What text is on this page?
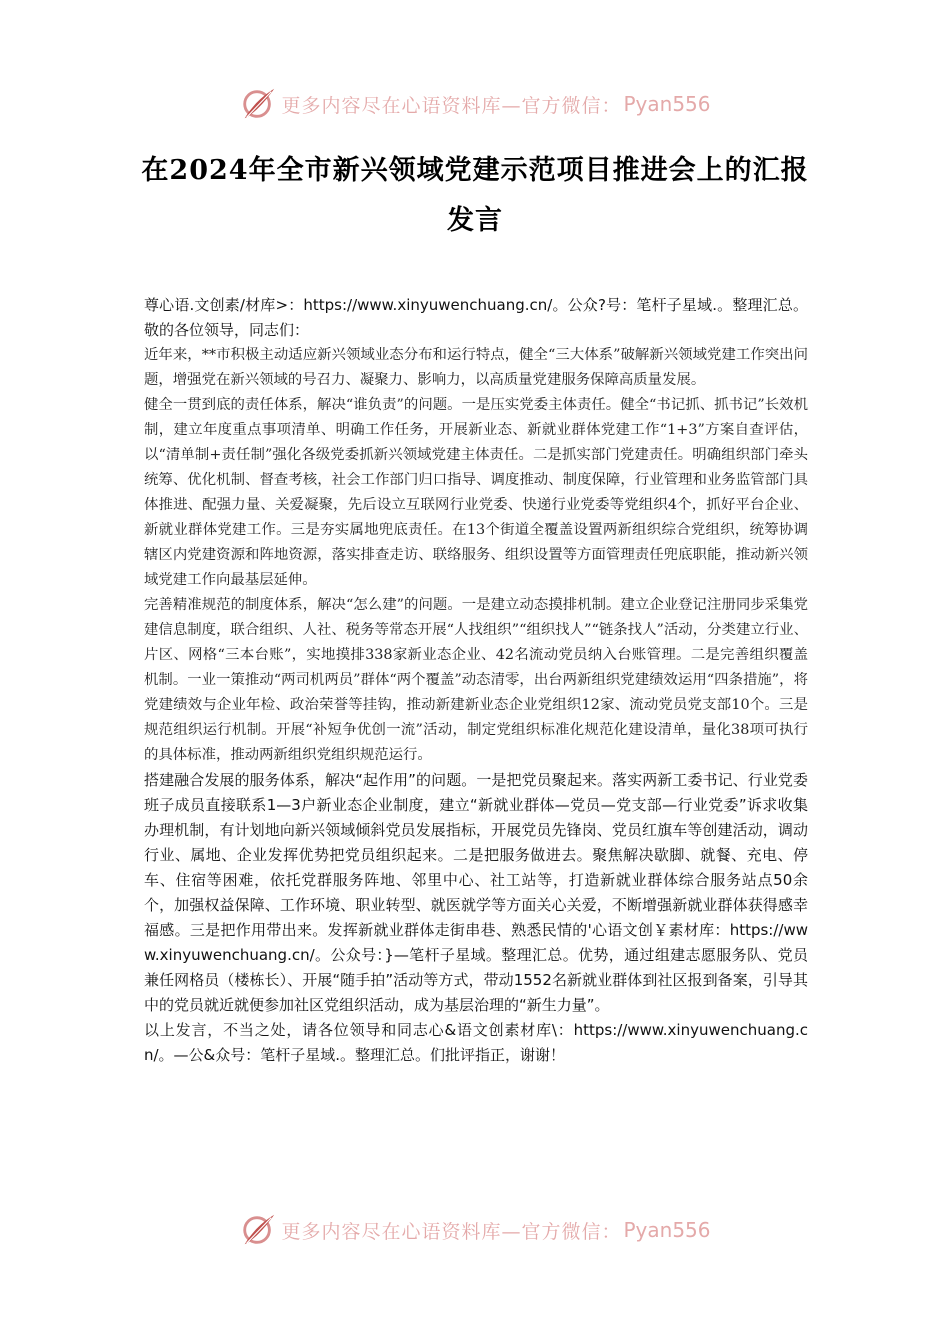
更多内容尽在心语资料库—官方微信： Pyan556
在2024年全市新兴领域党建示范项目推进会上的汇报发言

尊心语.文创素/材库>：https://www.xinyuwenchuang.cn/。公众?号：笔杆子星域.。整理汇总。敬的各位领导，同志们：

近年来，**市积极主动适应新兴领域业态分布和运行特点，健全“三大体系”破解新兴领域党建工作突出问题，增强党在新兴领域的号召力、凝聚力、影响力，以高质量党建服务保障高质量发展。

健全一贯到底的责任体系，解决“谁负责”的问题。一是压实党委主体责任。健全“书记抓、抓书记”长效机制，建立年度重点事项清单、明确工作任务，开展新业态、新就业群体党建工作“1+3”方案自查评估，以“清单制+责任制”强化各级党委抓新兴领域党建主体责任。二是抓实部门党建责任。明确组织部门牵头统筹、优化机制、督查考核，社会工作部门归口指导、调度推动、制度保障，行业管理和业务监管部门具体推进、配强力量、关爱凝聚，先后设立互联网行业党委、快递行业党委等党组织4个，抓好平台企业、新就业群体党建工作。三是夯实属地兜底责任。在13个街道全覆盖设置两新组织综合党组织，统筹协调辖区内党建资源和阵地资源，落实排查走访、联络服务、组织设置等方面管理责任兜底职能，推动新兴领域党建工作向最基层延伸。

完善精准规范的制度体系，解决“怎么建”的问题。一是建立动态摸排机制。建立企业登记注册同步采集党建信息制度，联合组织、人社、税务等常态开展“人找组织”“组织找人”“链条找人”活动，分类建立行业、片区、网格“三本台账”，实地摸排338家新业态企业、42名流动党员纳入台账管理。二是完善组织覆盖机制。一业一策推动“两司机两员”群体“两个覆盖”动态清零，出台两新组织党建绩效运用“四条措施”，将党建绩效与企业年检、政治荣誉等挂钩，推动新建新业态企业党组织12家、流动党员党支部10个。三是规范组织运行机制。开展“补短争优创一流”活动，制定党组织标准化规范化建设清单，量化38项可执行的具体标准，推动两新组织党组织规范运行。

搭建融合发展的服务体系，解决“起作用”的问题。一是把党员聚起来。落实两新工委书记、行业党委班子成员直接联系1—3户新业态企业制度，建立“新就业群体—党员—党支部—行业党委”诉求收集办理机制，有计划地向新兴领域倾斜党员发展指标，开展党员先锋岗、党员红旗车等创建活动，调动行业、属地、企业发挥优势把党员组织起来。二是把服务做进去。聚焦解决歇脚、就餐、充电、停车、住宿等困难，依托党群服务阵地、邻里中心、社工站等，打造新就业群体综合服务站点50余个，加强权益保障、工作环境、职业转型、就医就学等方面关心关爱，不断增强新就业群体获得感幸福感。三是把作用带出来。发挥新就业群体走街串巷、熟悉民情的'心语文创￥素材库：https://www.xinyuwenchuang.cn/。公众号：}—笔杆子星域。整理汇总。优势，通过组建志愿服务队、党员兼任网格员（楼栋长）、开展“随手拍”活动等方式，带动1552名新就业群体到社区报到备案，引导其中的党员就近就便参加社区党组织活动，成为基层治理的“新生力量”。

以上发言，不当之处，请各位领导和同志心&语文创素材库\：https://www.xinyuwenchuang.cn/。—公&众号：笔杆子星域.。整理汇总。们批评指正，谢谢！

更多内容尽在心语资料库—官方微信： Pyan556
